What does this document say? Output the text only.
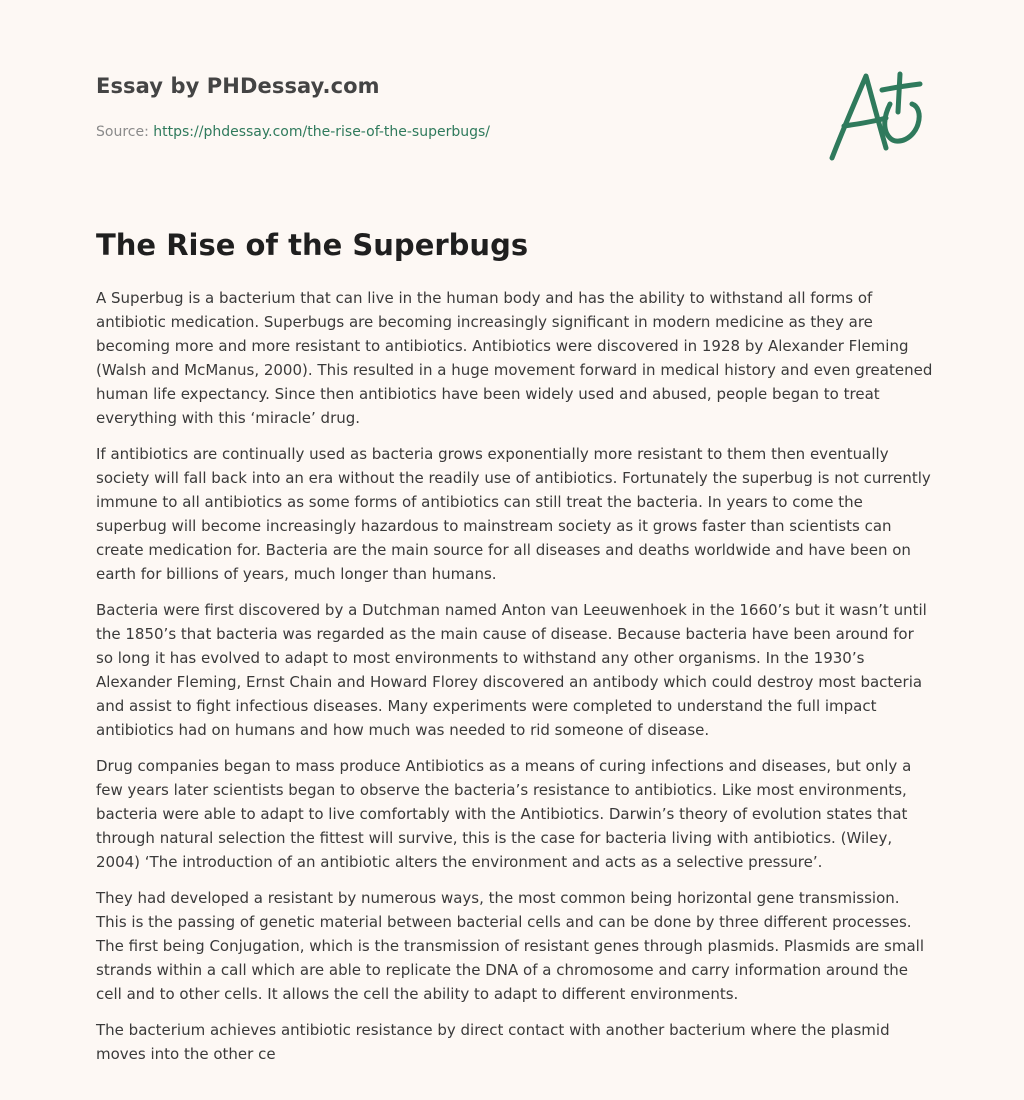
Essay by PHDessay.com
Source: https://phdessay.com/the-rise-of-the-superbugs/
The Rise of the Superbugs

A Superbug is a bacterium that can live in the human body and has the ability to withstand all forms of antibiotic medication. Superbugs are becoming increasingly significant in modern medicine as they are becoming more and more resistant to antibiotics. Antibiotics were discovered in 1928 by Alexander Fleming (Walsh and McManus, 2000). This resulted in a huge movement forward in medical history and even greatened human life expectancy. Since then antibiotics have been widely used and abused, people began to treat everything with this ‘miracle’ drug.

If antibiotics are continually used as bacteria grows exponentially more resistant to them then eventually society will fall back into an era without the readily use of antibiotics. Fortunately the superbug is not currently immune to all antibiotics as some forms of antibiotics can still treat the bacteria. In years to come the superbug will become increasingly hazardous to mainstream society as it grows faster than scientists can create medication for. Bacteria are the main source for all diseases and deaths worldwide and have been on earth for billions of years, much longer than humans.

Bacteria were first discovered by a Dutchman named Anton van Leeuwenhoek in the 1660’s but it wasn’t until the 1850’s that bacteria was regarded as the main cause of disease. Because bacteria have been around for so long it has evolved to adapt to most environments to withstand any other organisms. In the 1930’s Alexander Fleming, Ernst Chain and Howard Florey discovered an antibody which could destroy most bacteria and assist to fight infectious diseases. Many experiments were completed to understand the full impact antibiotics had on humans and how much was needed to rid someone of disease.

Drug companies began to mass produce Antibiotics as a means of curing infections and diseases, but only a few years later scientists began to observe the bacteria’s resistance to antibiotics. Like most environments, bacteria were able to adapt to live comfortably with the Antibiotics. Darwin’s theory of evolution states that through natural selection the fittest will survive, this is the case for bacteria living with antibiotics. (Wiley, 2004) ‘The introduction of an antibiotic alters the environment and acts as a selective pressure’.

They had developed a resistant by numerous ways, the most common being horizontal gene transmission. This is the passing of genetic material between bacterial cells and can be done by three different processes. The first being Conjugation, which is the transmission of resistant genes through plasmids. Plasmids are small strands within a call which are able to replicate the DNA of a chromosome and carry information around the cell and to other cells. It allows the cell the ability to adapt to different environments.

The bacterium achieves antibiotic resistance by direct contact with another bacterium where the plasmid moves into the other ce
